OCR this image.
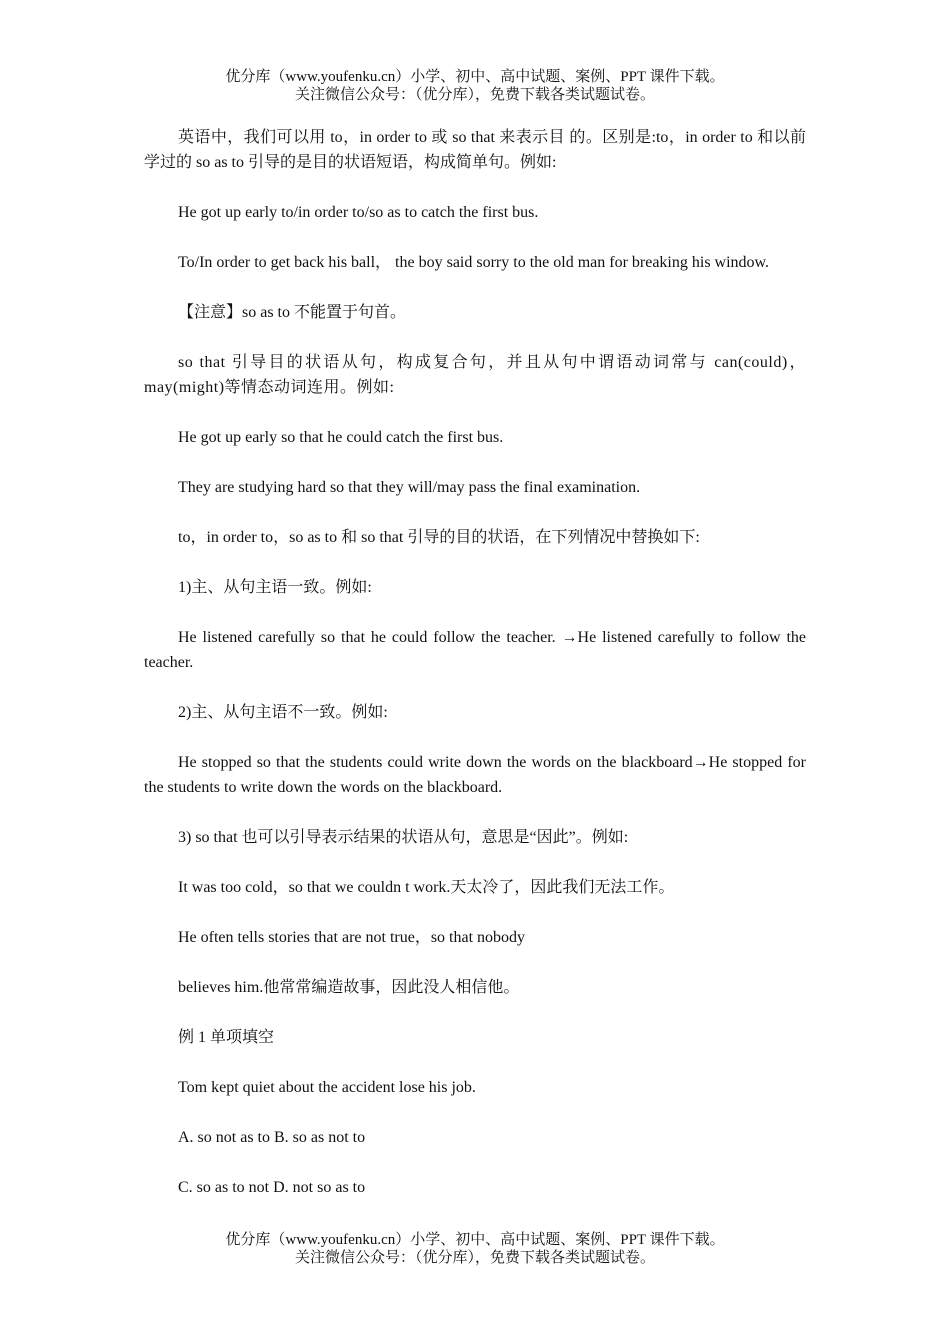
优分库（www.youfenku.cn）小学、初中、高中试题、案例、PPT 课件下载。
关注微信公众号：（优分库），免费下载各类试题试卷。

英语中，我们可以用 to，in order to 或 so that 来表示目 的。区别是:to，in order to 和以前学过的 so as to 引导的是目的状语短语，构成简单句。例如:

He got up early to/in order to/so as to catch the first bus.

To/In order to get back his ball， the boy said sorry to the old man for breaking his window.

【注意】so as to 不能置于句首。

so that 引导目的状语从句，构成复合句，并且从句中谓语动词常与 can(could)，may(might)等情态动词连用。例如:

He got up early so that he could catch the first bus.

They are studying hard so that they will/may pass the final examination.

to，in order to，so as to 和 so that 引导的目的状语，在下列情况中替换如下:

1)主、从句主语一致。例如:

He listened carefully so that he could follow the teacher. →He listened carefully to follow the teacher.

2)主、从句主语不一致。例如:

He stopped so that the students could write down the words on the blackboard→He stopped for the students to write down the words on the blackboard.

3) so that 也可以引导表示结果的状语从句，意思是“因此”。例如:

It was too cold，so that we couldn t work.天太冷了，因此我们无法工作。

He often tells stories that are not true，so that nobody

believes him.他常常编造故事，因此没人相信他。

例 1 单项填空

Tom kept quiet about the accident lose his job.

A. so not as to B. so as not to

C. so as to not D. not so as to

优分库（www.youfenku.cn）小学、初中、高中试题、案例、PPT 课件下载。
关注微信公众号：（优分库），免费下载各类试题试卷。
